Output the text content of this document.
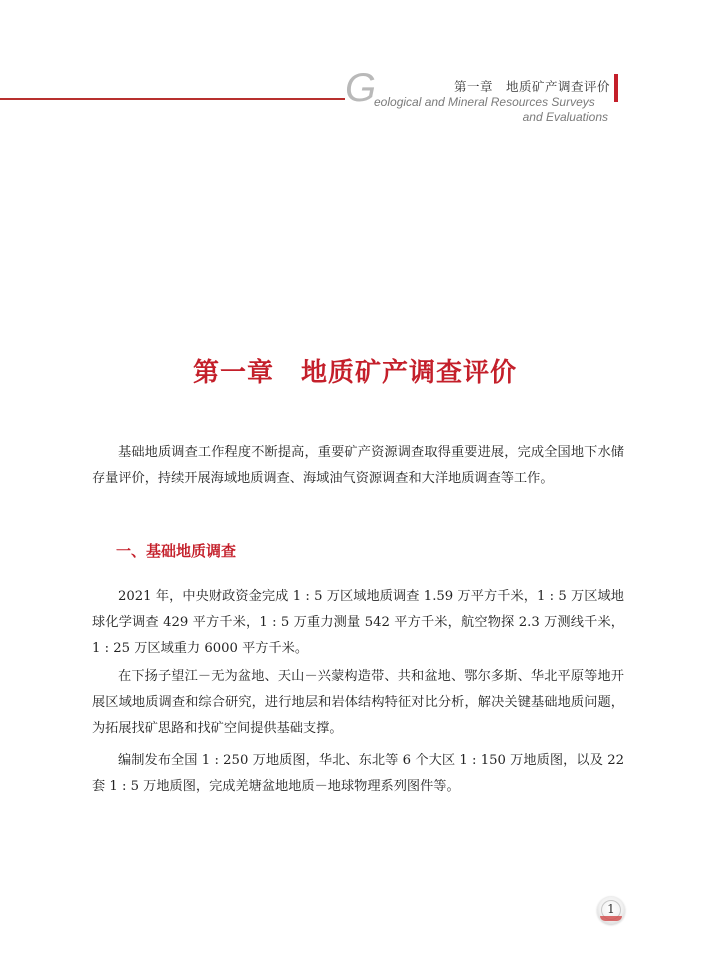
G	第一章　地质矿产调查评价
eological and Mineral Resources Surveys
and Evaluations
第一章　地质矿产调查评价

基础地质调查工作程度不断提高，重要矿产资源调查取得重要进展，完成全国地下水储存量评价，持续开展海域地质调查、海域油气资源调查和大洋地质调查等工作。

一、基础地质调查

2021 年，中央财政资金完成 1 : 5 万区域地质调查 1.59 万平方千米，1 : 5 万区域地球化学调查 429 平方千米，1 : 5 万重力测量 542 平方千米，航空物探 2.3 万测线千米，1 : 25 万区域重力 6000 平方千米。

在下扬子望江－无为盆地、天山－兴蒙构造带、共和盆地、鄂尔多斯、华北平原等地开展区域地质调查和综合研究，进行地层和岩体结构特征对比分析，解决关键基础地质问题，为拓展找矿思路和找矿空间提供基础支撑。

编制发布全国 1 : 250 万地质图，华北、东北等 6 个大区 1 : 150 万地质图，以及 22 套 1 : 5 万地质图，完成羌塘盆地地质－地球物理系列图件等。

1
